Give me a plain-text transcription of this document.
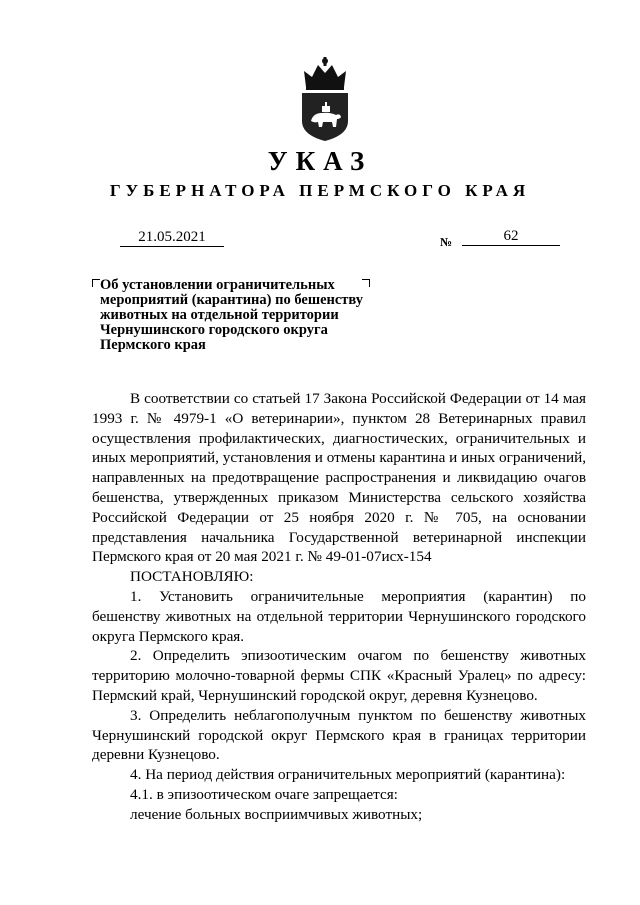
УКАЗ
ГУБЕРНАТОРА ПЕРМСКОГО КРАЯ
21.05.2021	№	62
Об установлении ограничительных
мероприятий (карантина) по бешенству
животных на отдельной территории
Чернушинского городского округа
Пермского края

В соответствии со статьей 17 Закона Российской Федерации от 14 мая 1993 г. № 4979-1 «О ветеринарии», пунктом 28 Ветеринарных правил осуществления профилактических, диагностических, ограничительных и иных мероприятий, установления и отмены карантина и иных ограничений, направленных на предотвращение распространения и ликвидацию очагов бешенства, утвержденных приказом Министерства сельского хозяйства Российской Федерации от 25 ноября 2020 г. № 705, на основании представления начальника Государственной ветеринарной инспекции Пермского края от 20 мая 2021 г. № 49-01-07исх-154

ПОСТАНОВЛЯЮ:

1. Установить ограничительные мероприятия (карантин) по бешенству животных на отдельной территории Чернушинского городского округа Пермского края.

2. Определить эпизоотическим очагом по бешенству животных территорию молочно-товарной фермы СПК «Красный Уралец» по адресу: Пермский край, Чернушинский городской округ, деревня Кузнецово.

3. Определить неблагополучным пунктом по бешенству животных Чернушинский городской округ Пермского края в границах территории деревни Кузнецово.

4. На период действия ограничительных мероприятий (карантина):

4.1. в эпизоотическом очаге запрещается:

лечение больных восприимчивых животных;
